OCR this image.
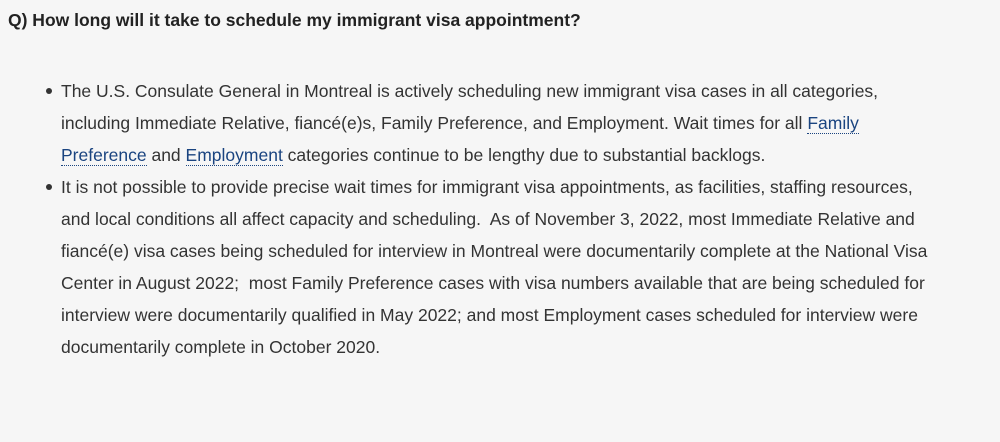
Q) How long will it take to schedule my immigrant visa appointment?
The U.S. Consulate General in Montreal is actively scheduling new immigrant visa cases in all categories, including Immediate Relative, fiancé(e)s, Family Preference, and Employment. Wait times for all Family Preference and Employment categories continue to be lengthy due to substantial backlogs.
It is not possible to provide precise wait times for immigrant visa appointments, as facilities, staffing resources, and local conditions all affect capacity and scheduling.  As of November 3, 2022, most Immediate Relative and fiancé(e) visa cases being scheduled for interview in Montreal were documentarily complete at the National Visa Center in August 2022;  most Family Preference cases with visa numbers available that are being scheduled for interview were documentarily qualified in May 2022; and most Employment cases scheduled for interview were documentarily complete in October 2020.
